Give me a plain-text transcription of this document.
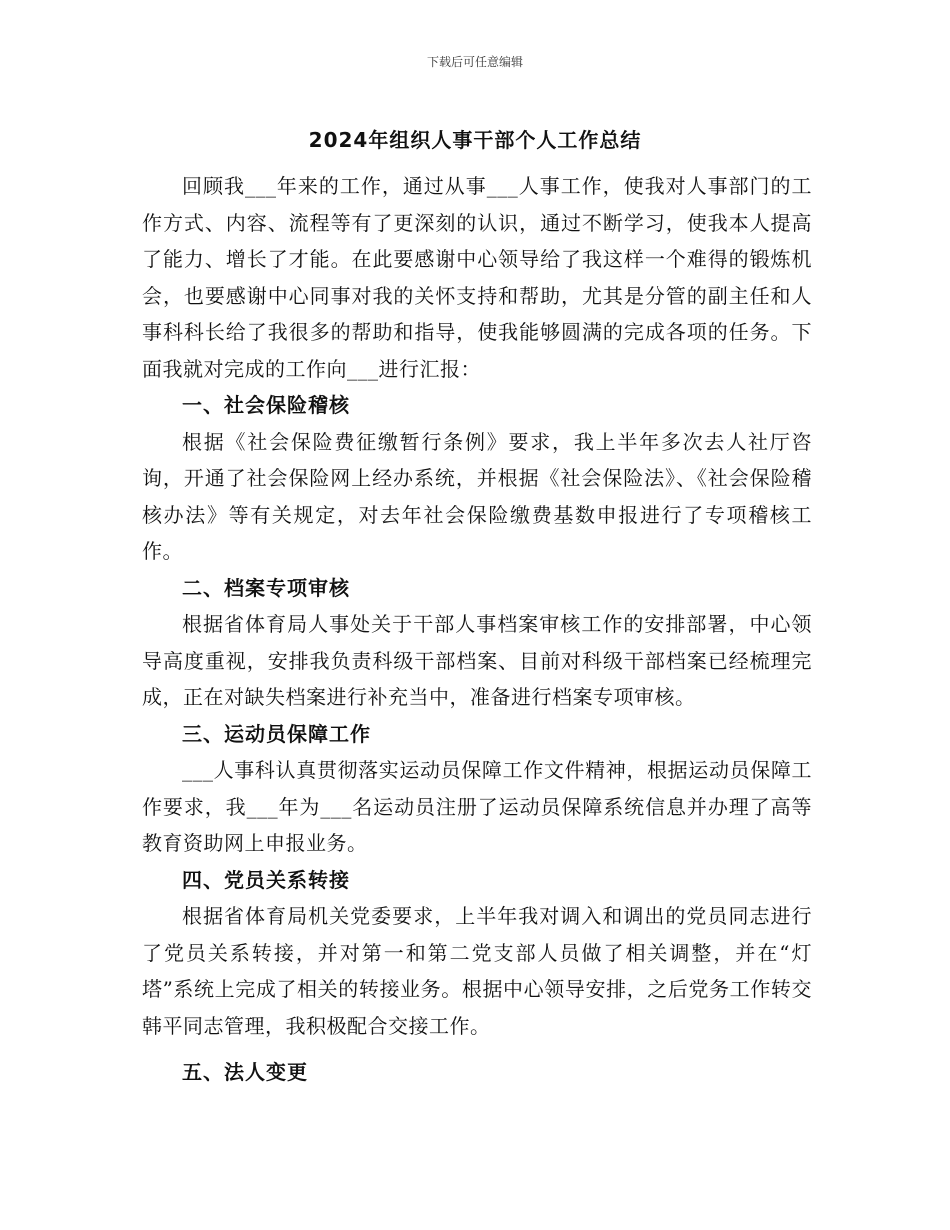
下载后可任意编辑
2024年组织人事干部个人工作总结

回顾我___年来的工作，通过从事___人事工作，使我对人事部门的工作方式、内容、流程等有了更深刻的认识，通过不断学习，使我本人提高了能力、增长了才能。在此要感谢中心领导给了我这样一个难得的锻炼机会，也要感谢中心同事对我的关怀支持和帮助，尤其是分管的副主任和人事科科长给了我很多的帮助和指导，使我能够圆满的完成各项的任务。下面我就对完成的工作向___进行汇报：

一、社会保险稽核

根据《社会保险费征缴暂行条例》要求，我上半年多次去人社厅咨询，开通了社会保险网上经办系统，并根据《社会保险法》、《社会保险稽核办法》等有关规定，对去年社会保险缴费基数申报进行了专项稽核工作。

二、档案专项审核

根据省体育局人事处关于干部人事档案审核工作的安排部署，中心领导高度重视，安排我负责科级干部档案、目前对科级干部档案已经梳理完成，正在对缺失档案进行补充当中，准备进行档案专项审核。

三、运动员保障工作

___人事科认真贯彻落实运动员保障工作文件精神，根据运动员保障工作要求，我___年为___名运动员注册了运动员保障系统信息并办理了高等教育资助网上申报业务。

四、党员关系转接

根据省体育局机关党委要求，上半年我对调入和调出的党员同志进行了党员关系转接，并对第一和第二党支部人员做了相关调整，并在“灯塔”系统上完成了相关的转接业务。根据中心领导安排，之后党务工作转交韩平同志管理，我积极配合交接工作。

五、法人变更
